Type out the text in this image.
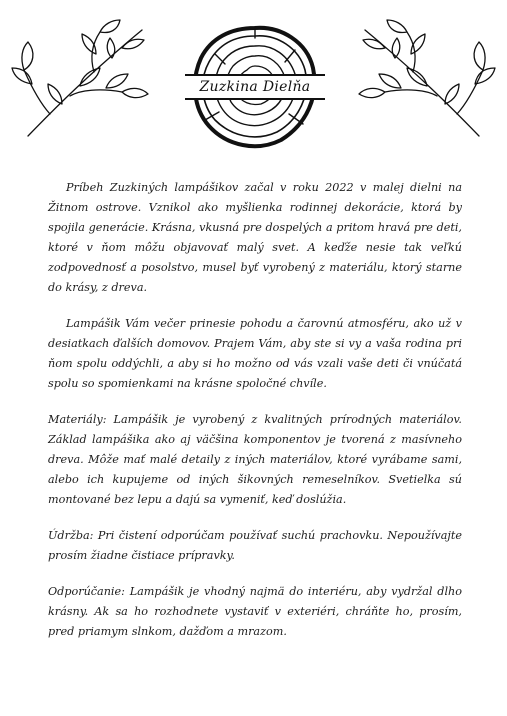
Zuzkina Dielňa

Príbeh Zuzkiných lampášikov začal v roku 2022 v malej dielni na Žitnom ostrove. Vznikol ako myšlienka rodinnej dekorácie, ktorá by spojila generácie. Krásna, vkusná pre dospelých a pritom hravá pre deti, ktoré v ňom môžu objavovať malý svet. A keďže nesie tak veľkú zodpovednosť a posolstvo, musel byť vyrobený z materiálu, ktorý starne do krásy, z dreva.

Lampášik Vám večer prinesie pohodu a čarovnú atmosféru, ako už v desiatkach ďalších domovov. Prajem Vám, aby ste si vy a vaša rodina pri ňom spolu oddýchli, a aby si ho možno od vás vzali vaše deti či vnúčatá spolu so spomienkami na krásne spoločné chvíle.

Materiály: Lampášik je vyrobený z kvalitných prírodných materiálov. Základ lampášika ako aj väčšina komponentov je tvorená z masívneho dreva. Môže mať malé detaily z iných materiálov, ktoré vyrábame sami, alebo ich kupujeme od iných šikovných remeselníkov. Svetielka sú montované bez lepu a dajú sa vymeniť, keď doslúžia.

Údržba: Pri čistení odporúčam používať suchú prachovku. Nepoužívajte prosím žiadne čistiace prípravky.

Odporúčanie: Lampášik je vhodný najmä do interiéru, aby vydržal dlho krásny. Ak sa ho rozhodnete vystaviť v exteriéri, chráňte ho, prosím, pred priamym slnkom, dažďom a mrazom.
